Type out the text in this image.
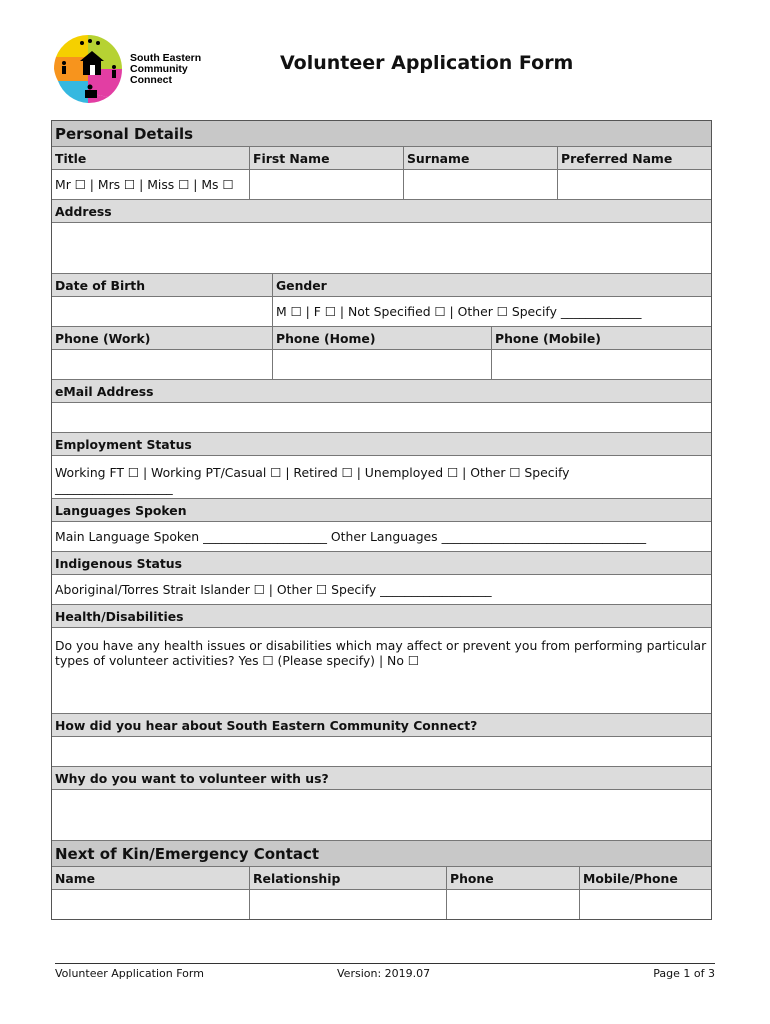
South Eastern
Community
Connect
Volunteer Application Form
Personal Details
Title	First Name	Surname	Preferred Name
Mr ☐ | Mrs ☐ | Miss ☐ | Ms ☐
Address
Date of Birth	Gender
M ☐ | F ☐ | Not Specified ☐ | Other ☐ Specify _____________
Phone (Work)	Phone (Home)	Phone (Mobile)
eMail Address
Employment Status
Working FT ☐ | Working PT/Casual ☐ | Retired ☐ | Unemployed ☐ | Other ☐ Specify
___________________
Languages Spoken
Main Language Spoken ____________________ Other Languages _________________________________
Indigenous Status
Aboriginal/Torres Strait Islander ☐ | Other ☐ Specify __________________
Health/Disabilities
Do you have any health issues or disabilities which may affect or prevent you from performing particular types of volunteer activities? Yes ☐ (Please specify) | No ☐
How did you hear about South Eastern Community Connect?
Why do you want to volunteer with us?
Next of Kin/Emergency Contact
Name	Relationship	Phone	Mobile/Phone
Volunteer Application Form	Version: 2019.07	Page 1 of 3
